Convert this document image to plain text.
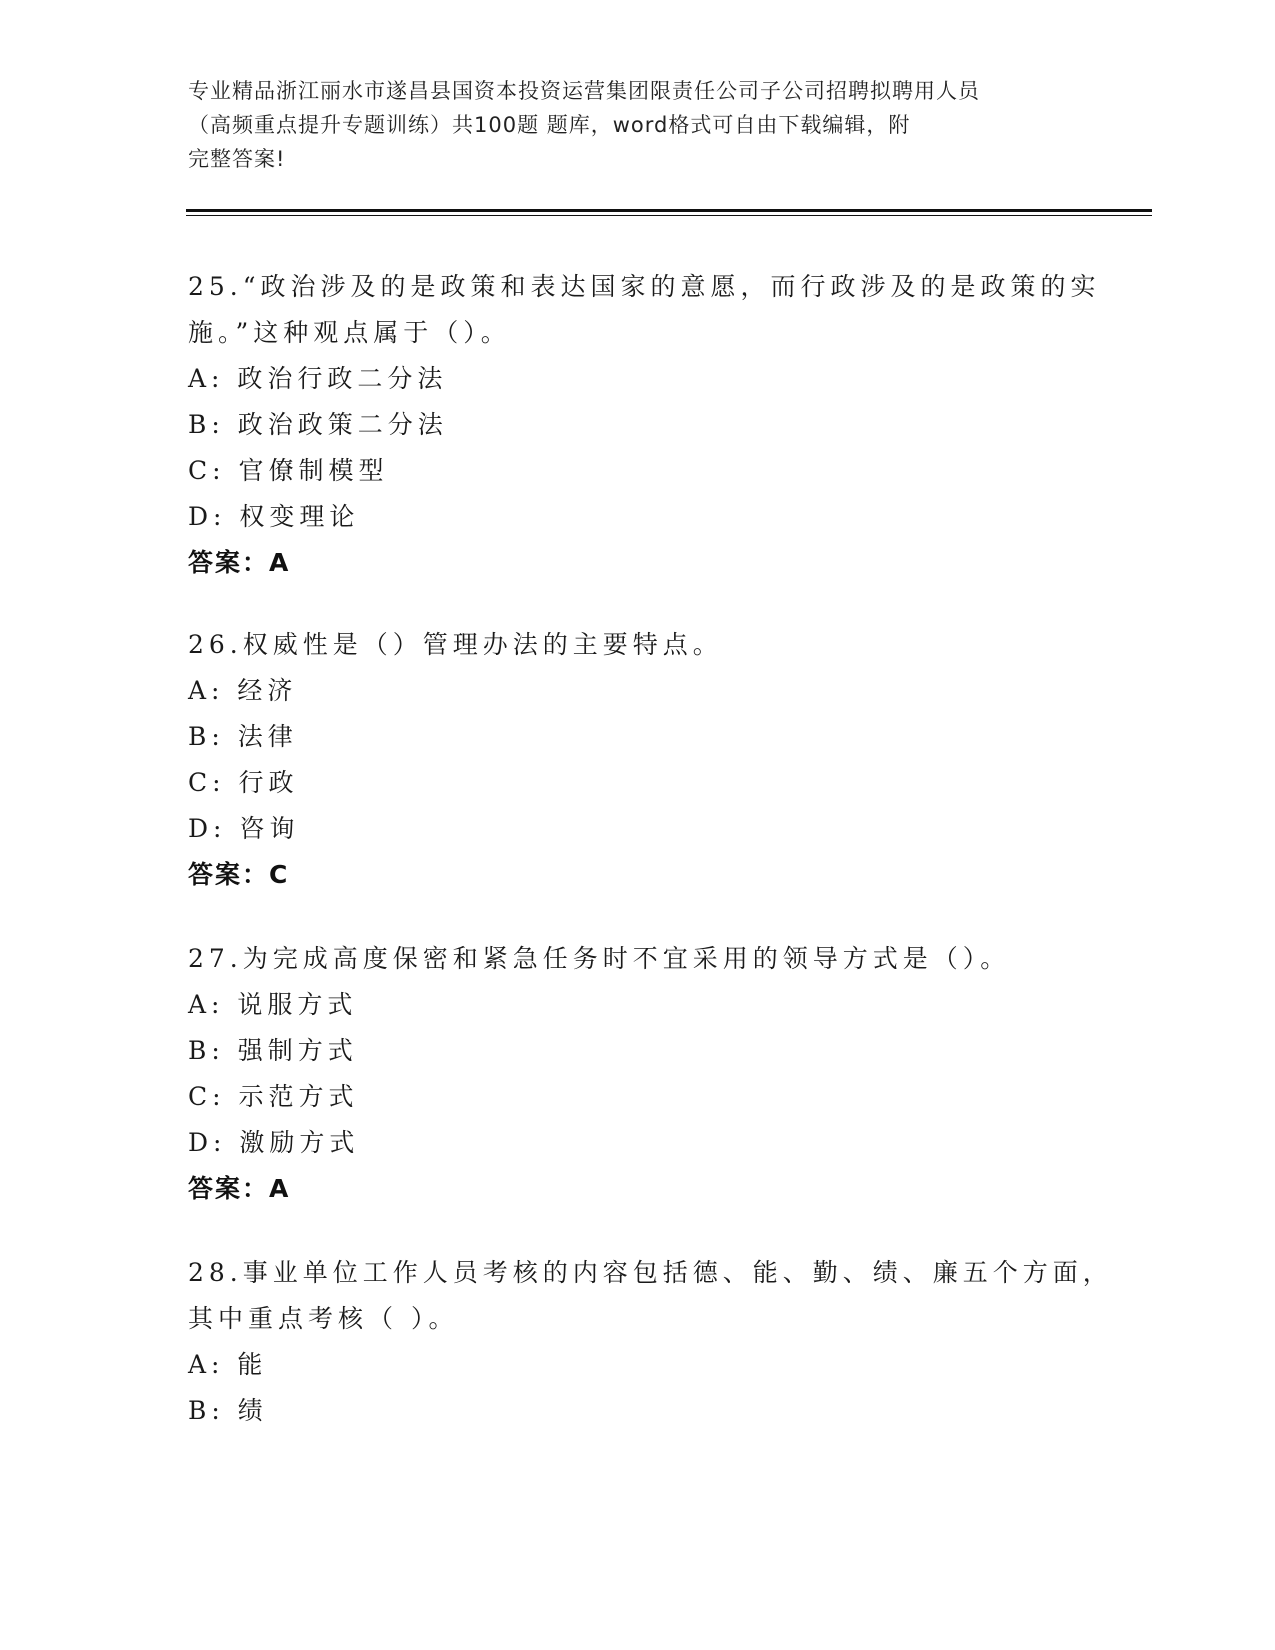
专业精品浙江丽水市遂昌县国资本投资运营集团限责任公司子公司招聘拟聘用人员
（高频重点提升专题训练）共100题 题库，word格式可自由下载编辑，附
完整答案!
25.“政治涉及的是政策和表达国家的意愿，而行政涉及的是政策的实
施。”这种观点属于（）。
A: 政治行政二分法
B: 政治政策二分法
C: 官僚制模型
D: 权变理论
答案：A
26.权威性是（）管理办法的主要特点。
A: 经济
B: 法律
C: 行政
D: 咨询
答案：C
27.为完成高度保密和紧急任务时不宜采用的领导方式是（）。
A: 说服方式
B: 强制方式
C: 示范方式
D: 激励方式
答案：A
28.事业单位工作人员考核的内容包括德、能、勤、绩、廉五个方面，
其中重点考核（ ）。
A: 能
B: 绩
